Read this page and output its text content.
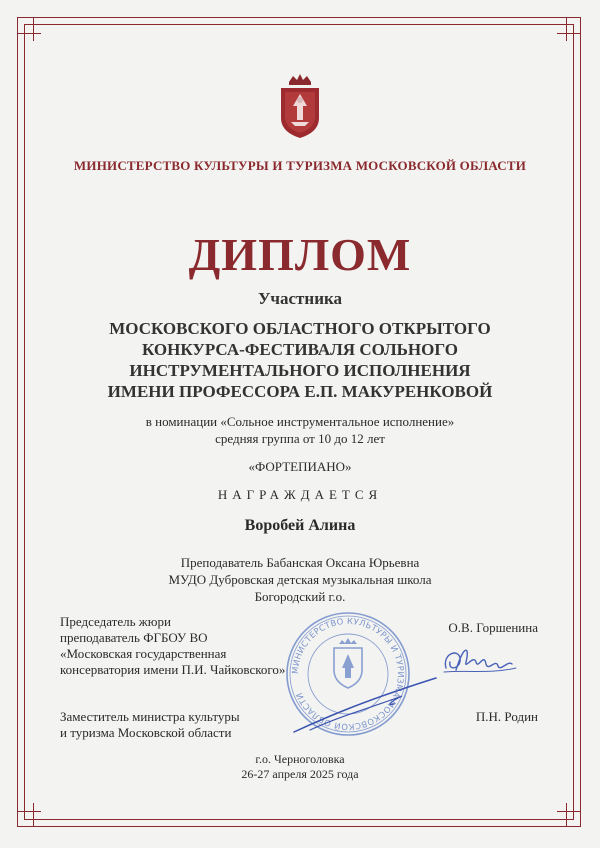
МИНИСТЕРСТВО КУЛЬТУРЫ И ТУРИЗМА МОСКОВСКОЙ ОБЛАСТИ
ДИПЛОМ
Участника
МОСКОВСКОГО ОБЛАСТНОГО ОТКРЫТОГО
КОНКУРСА-ФЕСТИВАЛЯ СОЛЬНОГО
ИНСТРУМЕНТАЛЬНОГО ИСПОЛНЕНИЯ
ИМЕНИ ПРОФЕССОРА Е.П. МАКУРЕНКОВОЙ
в номинации «Сольное инструментальное исполнение»
средняя группа от 10 до 12 лет
«ФОРТЕПИАНО»
НАГРАЖДАЕТСЯ
Воробей Алина
Преподаватель Бабанская Оксана Юрьевна
МУДО Дубровская детская музыкальная школа
Богородский г.о.
МИНИСТЕРСТВО КУЛЬТУРЫ И ТУРИЗМА МОСКОВСКОЙ ОБЛАСТИ
Председатель жюри
преподаватель ФГБОУ ВО
«Московская государственная
консерватория имени П.И. Чайковского»
О.В. Горшенина
Заместитель министра культуры
и туризма Московской области
П.Н. Родин
г.о. Черноголовка
26-27 апреля 2025 года
